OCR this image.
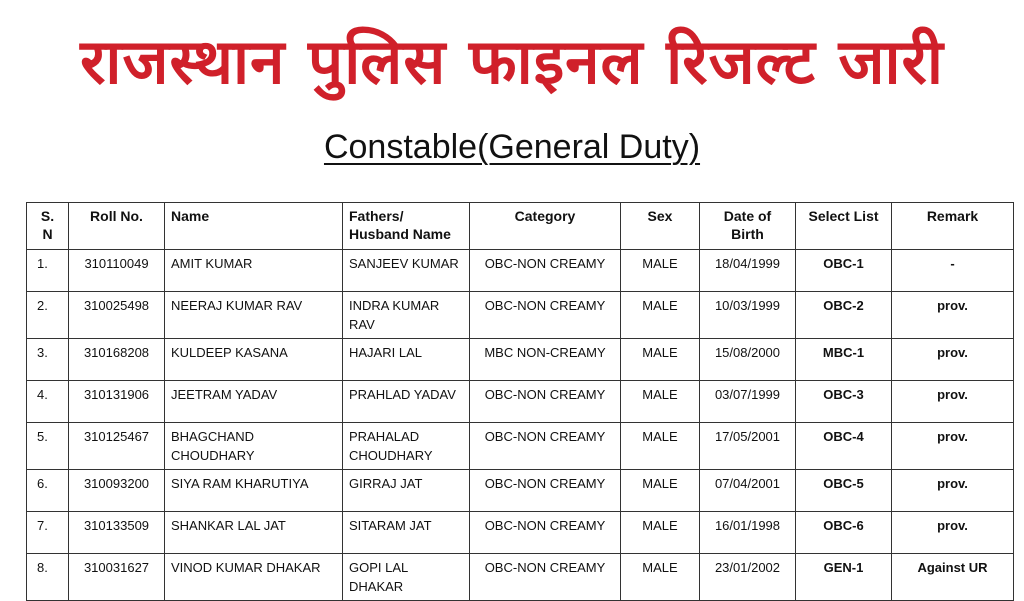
राजस्थान पुलिस फाइनल रिजल्ट जारी
Constable(General Duty)
S.
N	Roll No.	Name	Fathers/ Husband Name	Category	Sex	Date of Birth	Select List	Remark
1.	310110049	AMIT KUMAR	SANJEEV KUMAR	OBC-NON CREAMY	MALE	18/04/1999	OBC-1	-
2.	310025498	NEERAJ KUMAR RAV	INDRA KUMAR RAV	OBC-NON CREAMY	MALE	10/03/1999	OBC-2	prov.
3.	310168208	KULDEEP KASANA	HAJARI LAL	MBC NON-CREAMY	MALE	15/08/2000	MBC-1	prov.
4.	310131906	JEETRAM YADAV	PRAHLAD YADAV	OBC-NON CREAMY	MALE	03/07/1999	OBC-3	prov.
5.	310125467	BHAGCHAND CHOUDHARY	PRAHALAD CHOUDHARY	OBC-NON CREAMY	MALE	17/05/2001	OBC-4	prov.
6.	310093200	SIYA RAM KHARUTIYA	GIRRAJ JAT	OBC-NON CREAMY	MALE	07/04/2001	OBC-5	prov.
7.	310133509	SHANKAR LAL JAT	SITARAM JAT	OBC-NON CREAMY	MALE	16/01/1998	OBC-6	prov.
8.	310031627	VINOD KUMAR DHAKAR	GOPI LAL DHAKAR	OBC-NON CREAMY	MALE	23/01/2002	GEN-1	Against UR
